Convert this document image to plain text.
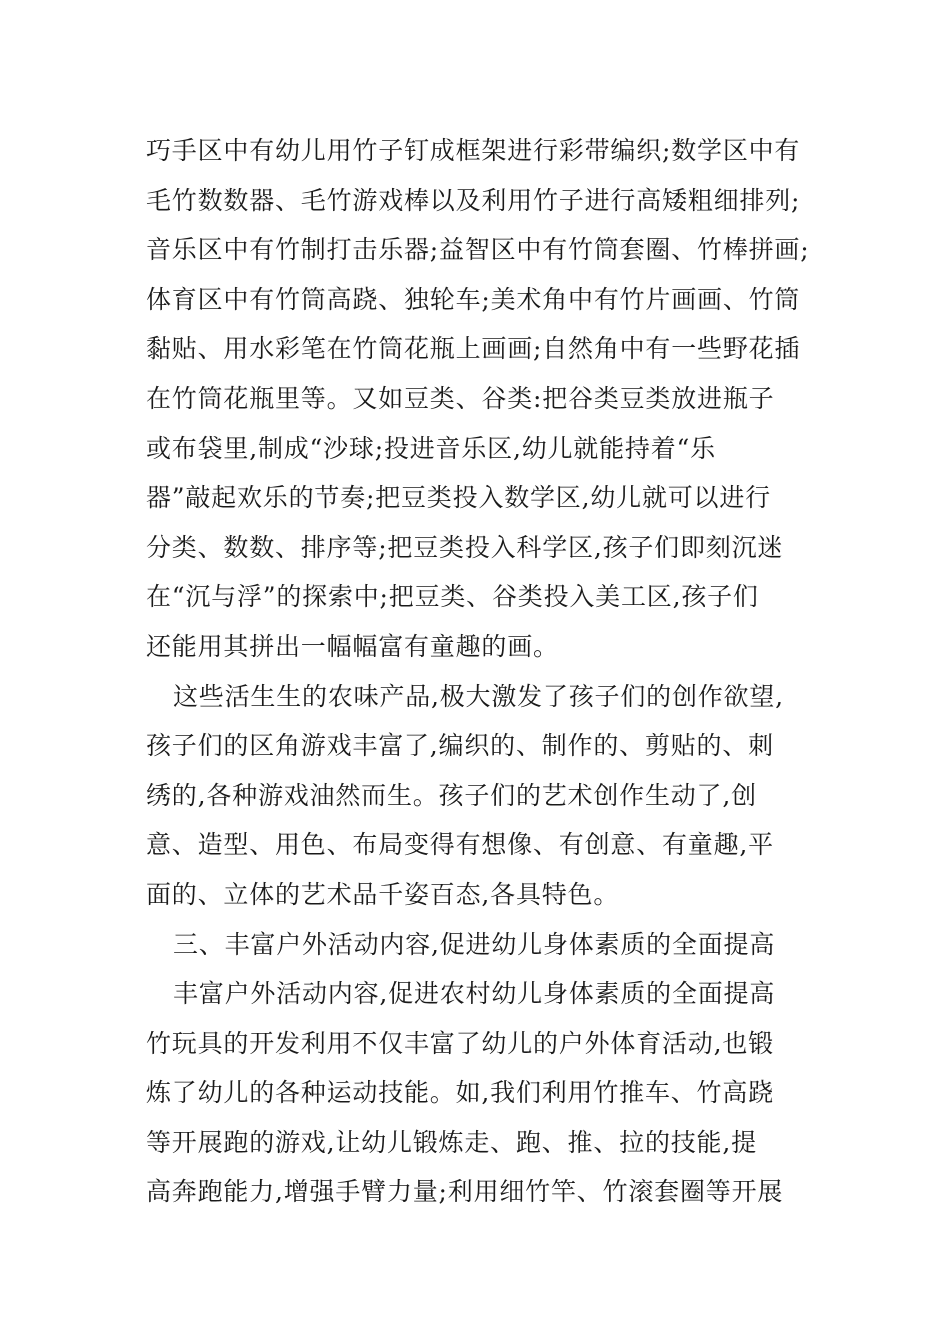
巧手区中有幼儿用竹子钉成框架进行彩带编织;数学区中有
毛竹数数器、毛竹游戏棒以及利用竹子进行高矮粗细排列;
音乐区中有竹制打击乐器;益智区中有竹筒套圈、竹棒拼画;
体育区中有竹筒高跷、独轮车;美术角中有竹片画画、竹筒
黏贴、用水彩笔在竹筒花瓶上画画;自然角中有一些野花插
在竹筒花瓶里等。又如豆类、谷类:把谷类豆类放进瓶子
或布袋里,制成“沙球;投进音乐区,幼儿就能持着“乐
器”敲起欢乐的节奏;把豆类投入数学区,幼儿就可以进行
分类、数数、排序等;把豆类投入科学区,孩子们即刻沉迷
在“沉与浮”的探索中;把豆类、谷类投入美工区,孩子们
还能用其拼出一幅幅富有童趣的画。
这些活生生的农味产品,极大激发了孩子们的创作欲望,
孩子们的区角游戏丰富了,编织的、制作的、剪贴的、刺
绣的,各种游戏油然而生。孩子们的艺术创作生动了,创
意、造型、用色、布局变得有想像、有创意、有童趣,平
面的、立体的艺术品千姿百态,各具特色。
三、丰富户外活动内容,促进幼儿身体素质的全面提高
丰富户外活动内容,促进农村幼儿身体素质的全面提高
竹玩具的开发利用不仅丰富了幼儿的户外体育活动,也锻
炼了幼儿的各种运动技能。如,我们利用竹推车、竹高跷
等开展跑的游戏,让幼儿锻炼走、跑、推、拉的技能,提
高奔跑能力,增强手臂力量;利用细竹竿、竹滚套圈等开展
